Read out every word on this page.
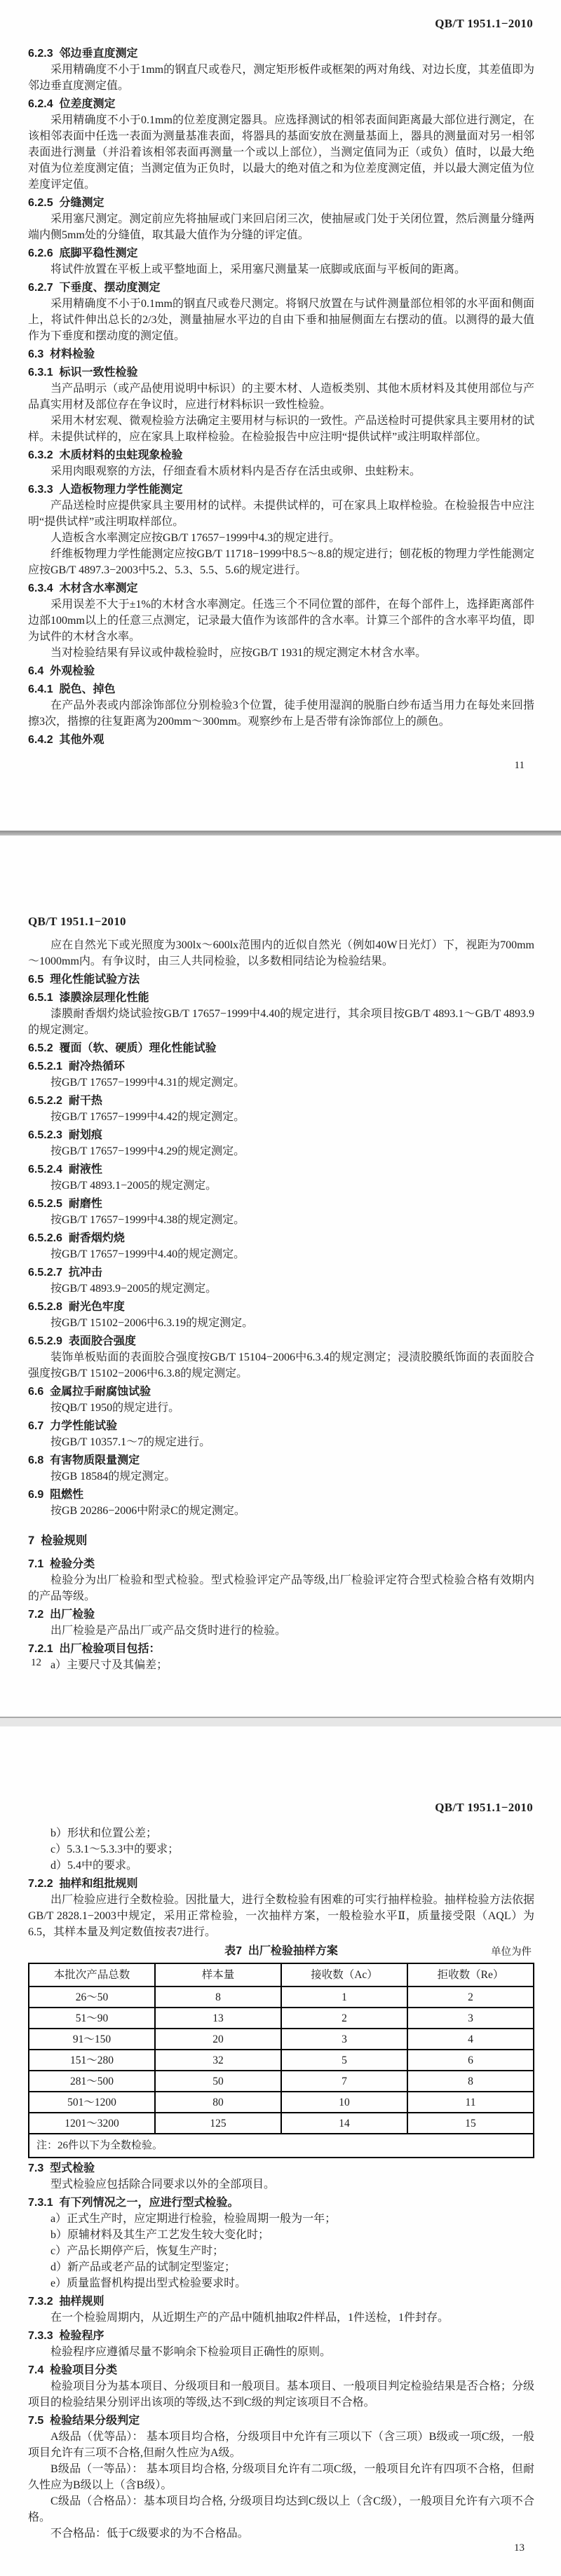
QB/T 1951.1−2010

6.2.3  邻边垂直度测定

采用精确度不小于1mm的钢直尺或卷尺，测定矩形板件或框架的两对角线、对边长度，其差值即为邻边垂直度测定值。

6.2.4  位差度测定

采用精确度不小于0.1mm的位差度测定器具。应选择测试的相邻表面间距离最大部位进行测定，在该相邻表面中任选一表面为测量基准表面，将器具的基面安放在测量基面上，器具的测量面对另一相邻表面进行测量（并沿着该相邻表面再测量一个或以上部位），当测定值同为正（或负）值时，以最大绝对值为位差度测定值；当测定值为正负时，以最大的绝对值之和为位差度测定值，并以最大测定值为位差度评定值。

6.2.5  分缝测定

采用塞尺测定。测定前应先将抽屉或门来回启闭三次，使抽屉或门处于关闭位置，然后测量分缝两端内侧5mm处的分缝值，取其最大值作为分缝的评定值。

6.2.6  底脚平稳性测定

将试件放置在平板上或平整地面上，采用塞尺测量某一底脚或底面与平板间的距离。

6.2.7  下垂度、摆动度测定

采用精确度不小于0.1mm的钢直尺或卷尺测定。将钢尺放置在与试件测量部位相邻的水平面和侧面上，将试件伸出总长的2/3处，测量抽屉水平边的自由下垂和抽屉侧面左右摆动的值。以测得的最大值作为下垂度和摆动度的测定值。

6.3  材料检验

6.3.1  标识一致性检验

当产品明示（或产品使用说明中标识）的主要木材、人造板类别、其他木质材料及其使用部位与产品真实用材及部位存在争议时，应进行材料标识一致性检验。

采用木材宏观、微观检验方法确定主要用材与标识的一致性。产品送检时可提供家具主要用材的试样。未提供试样的，应在家具上取样检验。在检验报告中应注明“提供试样”或注明取样部位。

6.3.2  木质材料的虫蛀现象检验

采用肉眼观察的方法，仔细查看木质材料内是否存在活虫或卵、虫蛀粉末。

6.3.3  人造板物理力学性能测定

产品送检时应提供家具主要用材的试样。未提供试样的，可在家具上取样检验。在检验报告中应注明“提供试样”或注明取样部位。

人造板含水率测定应按GB/T 17657−1999中4.3的规定进行。

纤维板物理力学性能测定应按GB/T 11718−1999中8.5～8.8的规定进行；刨花板的物理力学性能测定应按GB/T 4897.3−2003中5.2、5.3、5.5、5.6的规定进行。

6.3.4  木材含水率测定

采用误差不大于±1%的木材含水率测定。任选三个不同位置的部件，在每个部件上，选择距离部件边部100mm以上的任意三点测定，记录最大值作为该部件的含水率。计算三个部件的含水率平均值，即为试件的木材含水率。

当对检验结果有异议或仲裁检验时，应按GB/T 1931的规定测定木材含水率。

6.4  外观检验

6.4.1  脱色、掉色

在产品外表或内部涂饰部位分别检验3个位置，徒手使用湿润的脱脂白纱布适当用力在每处来回揩擦3次，揩擦的往复距离为200mm～300mm。观察纱布上是否带有涂饰部位上的颜色。

6.4.2  其他外观

11
QB/T 1951.1−2010

应在自然光下或光照度为300lx～600lx范围内的近似自然光（例如40W日光灯）下，视距为700mm～1000mm内。有争议时，由三人共同检验，以多数相同结论为检验结果。

6.5  理化性能试验方法

6.5.1  漆膜涂层理化性能

漆膜耐香烟灼烧试验按GB/T 17657−1999中4.40的规定进行，其余项目按GB/T 4893.1～GB/T 4893.9的规定测定。

6.5.2  覆面（软、硬质）理化性能试验

6.5.2.1  耐冷热循环

按GB/T 17657−1999中4.31的规定测定。

6.5.2.2  耐干热

按GB/T 17657−1999中4.42的规定测定。

6.5.2.3  耐划痕

按GB/T 17657−1999中4.29的规定测定。

6.5.2.4  耐液性

按GB/T 4893.1−2005的规定测定。

6.5.2.5  耐磨性

按GB/T 17657−1999中4.38的规定测定。

6.5.2.6  耐香烟灼烧

按GB/T 17657−1999中4.40的规定测定。

6.5.2.7  抗冲击

按GB/T 4893.9−2005的规定测定。

6.5.2.8  耐光色牢度

按GB/T 15102−2006中6.3.19的规定测定。

6.5.2.9  表面胶合强度

装饰单板贴面的表面胶合强度按GB/T 15104−2006中6.3.4的规定测定；浸渍胶膜纸饰面的表面胶合强度按GB/T 15102−2006中6.3.8的规定测定。

6.6  金属拉手耐腐蚀试验

按QB/T 1950的规定进行。

6.7  力学性能试验

按GB/T 10357.1～7的规定进行。

6.8  有害物质限量测定

按GB 18584的规定测定。

6.9  阻燃性

按GB 20286−2006中附录C的规定测定。

7  检验规则

7.1  检验分类

检验分为出厂检验和型式检验。型式检验评定产品等级,出厂检验评定符合型式检验合格有效期内的产品等级。

7.2  出厂检验

出厂检验是产品出厂或产品交货时进行的检验。

7.2.1  出厂检验项目包括：

a）主要尺寸及其偏差；

12
QB/T 1951.1−2010

b）形状和位置公差；

c）5.3.1～5.3.3中的要求；

d）5.4中的要求。

7.2.2  抽样和组批规则

出厂检验应进行全数检验。因批量大，进行全数检验有困难的可实行抽样检验。抽样检验方法依据GB/T 2828.1−2003中规定，采用正常检验，一次抽样方案，一般检验水平Ⅱ，质量接受限（AQL）为6.5，其样本量及判定数值按表7进行。

表7  出厂检验抽样方案	单位为件
本批次产品总数	样本量	接收数（Ac）	拒收数（Re）
26～50	8	1	2
51～90	13	2	3
91～150	20	3	4
151～280	32	5	6
281～500	50	7	8
501～1200	80	10	11
1201～3200	125	14	15
注：26件以下为全数检验。			

7.3  型式检验

型式检验应包括除合同要求以外的全部项目。

7.3.1  有下列情况之一，应进行型式检验。

a）正式生产时，应定期进行检验，检验周期一般为一年；

b）原辅材料及其生产工艺发生较大变化时；

c）产品长期停产后，恢复生产时；

d）新产品或老产品的试制定型鉴定；

e）质量监督机构提出型式检验要求时。

7.3.2  抽样规则

在一个检验周期内，从近期生产的产品中随机抽取2件样品，1件送检，1件封存。

7.3.3  检验程序

检验程序应遵循尽量不影响余下检验项目正确性的原则。

7.4  检验项目分类

检验项目分为基本项目、分级项目和一般项目。基本项目、一般项目判定检验结果是否合格；分级项目的检验结果分别评出该项的等级,达不到C级的判定该项目不合格。

7.5  检验结果分级判定

A级品（优等品）： 基本项目均合格，分级项目中允许有三项以下（含三项）B级或一项C级，一般项目允许有三项不合格,但耐久性应为A级。

B级品（一等品）： 基本项目均合格, 分级项目允许有二项C级，一般项目允许有四项不合格，但耐久性应为B级以上（含B级）。

C级品（合格品）：基本项目均合格, 分级项目均达到C级以上（含C级），一般项目允许有六项不合格。

不合格品：低于C级要求的为不合格品。

13
